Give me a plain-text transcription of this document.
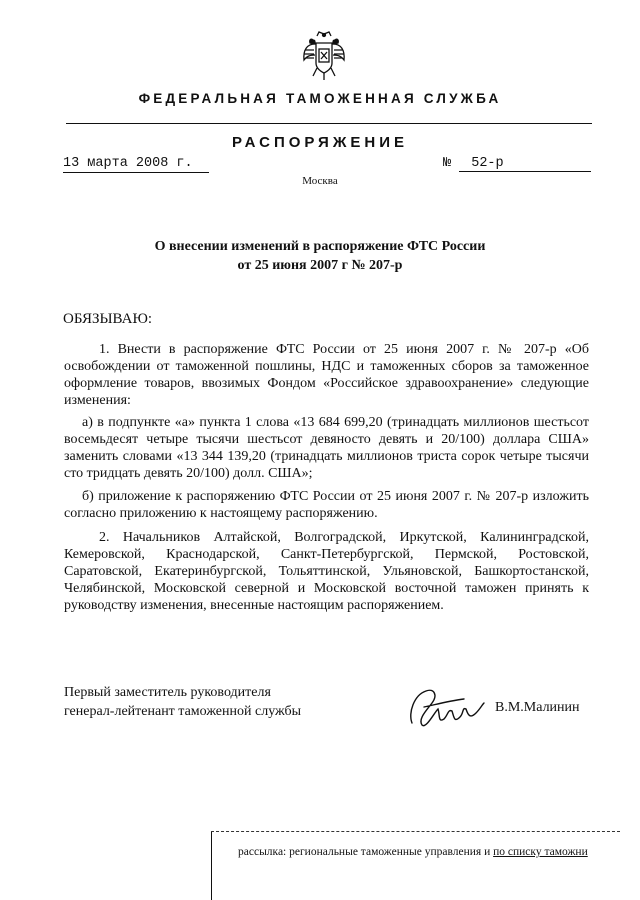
ФЕДЕРАЛЬНАЯ ТАМОЖЕННАЯ СЛУЖБА
РАСПОРЯЖЕНИЕ
13 марта 2008 г.	№ 52-р
Москва
О внесении изменений в распоряжение ФТС России
от 25 июня 2007 г № 207-р
ОБЯЗЫВАЮ:
1. Внести в распоряжение ФТС России от 25 июня 2007 г. № 207-р «Об освобождении от таможенной пошлины, НДС и таможенных сборов за таможенное оформление товаров, ввозимых Фондом «Российское здравоохранение» следующие изменения:
а) в подпункте «а» пункта 1 слова «13 684 699,20 (тринадцать миллионов шестьсот восемьдесят четыре тысячи шестьсот девяносто девять и 20/100) доллара США» заменить словами «13 344 139,20 (тринадцать миллионов триста сорок четыре тысячи сто тридцать девять 20/100) долл. США»;
б) приложение к распоряжению ФТС России от 25 июня 2007 г. № 207-р изложить согласно приложению к настоящему распоряжению.
2. Начальников Алтайской, Волгоградской, Иркутской, Калининградской, Кемеровской, Краснодарской, Санкт-Петербургской, Пермской, Ростовской, Саратовской, Екатеринбургской, Тольяттинской, Ульяновской, Башкортостанской, Челябинской, Московской северной и Московской восточной таможен принять к руководству изменения, внесенные настоящим распоряжением.
Первый заместитель руководителя
генерал-лейтенант таможенной службы	В.М.Малинин
рассылка: региональные таможенные управления и по списку таможни
